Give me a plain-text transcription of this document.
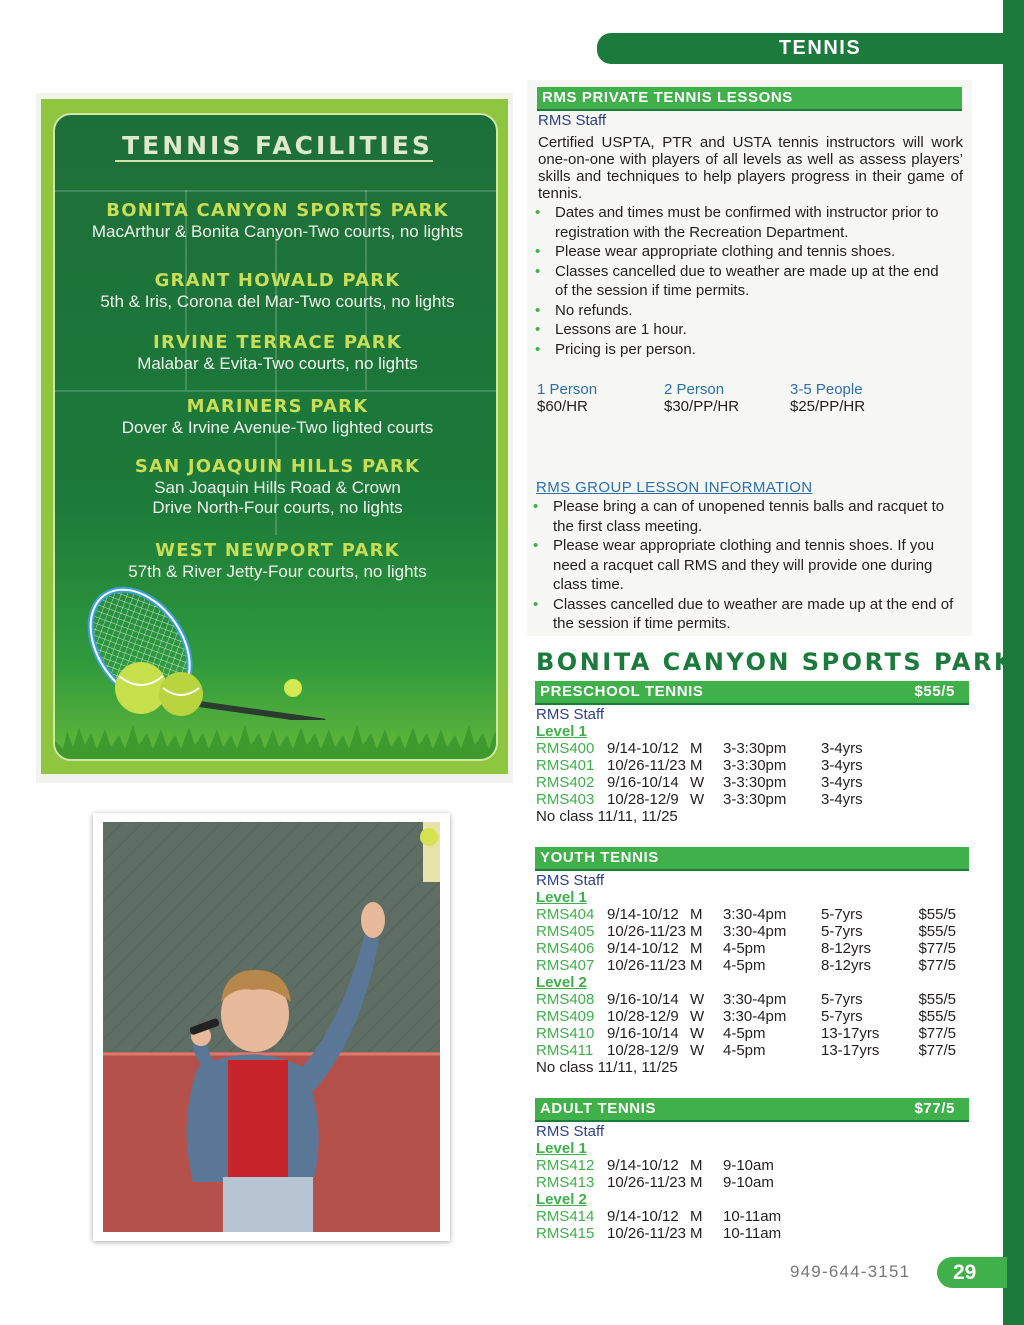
TENNIS
TENNIS FACILITIES
BONITA CANYON SPORTS PARK
MacArthur & Bonita Canyon-Two courts, no lights
GRANT HOWALD PARK
5th & Iris, Corona del Mar-Two courts, no lights
IRVINE TERRACE PARK
Malabar & Evita-Two courts, no lights
MARINERS PARK
Dover & Irvine Avenue-Two lighted courts
SAN JOAQUIN HILLS PARK
San Joaquin Hills Road & Crown
Drive North-Four courts, no lights
WEST NEWPORT PARK
57th & River Jetty-Four courts, no lights
RMS PRIVATE TENNIS LESSONS
RMS Staff
Certified USPTA, PTR and USTA tennis instructors will work one-on-one with players of all levels as well as assess players’ skills and techniques to help players progress in their game of tennis.
• Dates and times must be confirmed with instructor prior to registration with the Recreation Department.
• Please wear appropriate clothing and tennis shoes.
• Classes cancelled due to weather are made up at the end of the session if time permits.
• No refunds.
• Lessons are 1 hour.
• Pricing is per person.
1 Person
$60/HR
2 Person
$30/PP/HR
3-5 People
$25/PP/HR
RMS GROUP LESSON INFORMATION
• Please bring a can of unopened tennis balls and racquet to the first class meeting.
• Please wear appropriate clothing and tennis shoes. If you need a racquet call RMS and they will provide one during class time.
• Classes cancelled due to weather are made up at the end of the session if time permits.
BONITA CANYON SPORTS PARK
PRESCHOOL TENNIS	$55/5
RMS Staff
Level 1
RMS400 9/14-10/12 M 3-3:30pm 3-4yrs
RMS401 10/26-11/23 M 3-3:30pm 3-4yrs
RMS402 9/16-10/14 W 3-3:30pm 3-4yrs
RMS403 10/28-12/9 W 3-3:30pm 3-4yrs
No class 11/11, 11/25
YOUTH TENNIS
RMS Staff
Level 1
RMS404 9/14-10/12 M 3:30-4pm 5-7yrs	$55/5
RMS405 10/26-11/23 M 3:30-4pm 5-7yrs	$55/5
RMS406 9/14-10/12 M 4-5pm	8-12yrs	$77/5
RMS407 10/26-11/23 M 4-5pm	8-12yrs	$77/5
Level 2
RMS408 9/16-10/14 W 3:30-4pm 5-7yrs	$55/5
RMS409 10/28-12/9 W 3:30-4pm 5-7yrs	$55/5
RMS410 9/16-10/14 W 4-5pm	13-17yrs	$77/5
RMS411 10/28-12/9 W 4-5pm	13-17yrs	$77/5
No class 11/11, 11/25
ADULT TENNIS	$77/5
RMS Staff
Level 1
RMS412 9/14-10/12 M 9-10am
RMS413 10/26-11/23 M 9-10am
Level 2
RMS414 9/14-10/12 M 10-11am
RMS415 10/26-11/23 M 10-11am
949-644-3151	29
